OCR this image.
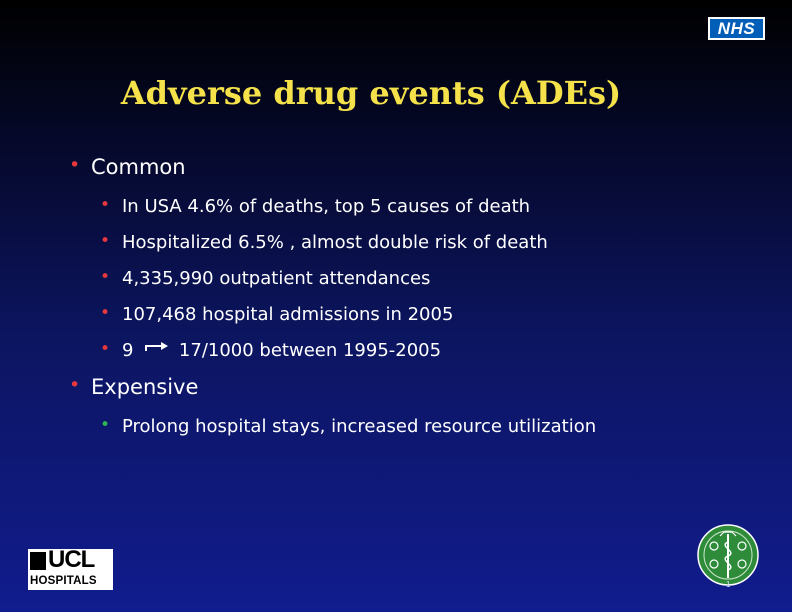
NHS
Adverse drug events (ADEs)
• Common
• In USA 4.6% of deaths, top 5 causes of death
• Hospitalized 6.5% , almost double risk of death
• 4,335,990 outpatient attendances
• 107,468 hospital admissions in 2005
• 9	17/1000 between 1995-2005
• Expensive
• Prolong hospital stays, increased resource utilization
UCL
HOSPITALS	1
